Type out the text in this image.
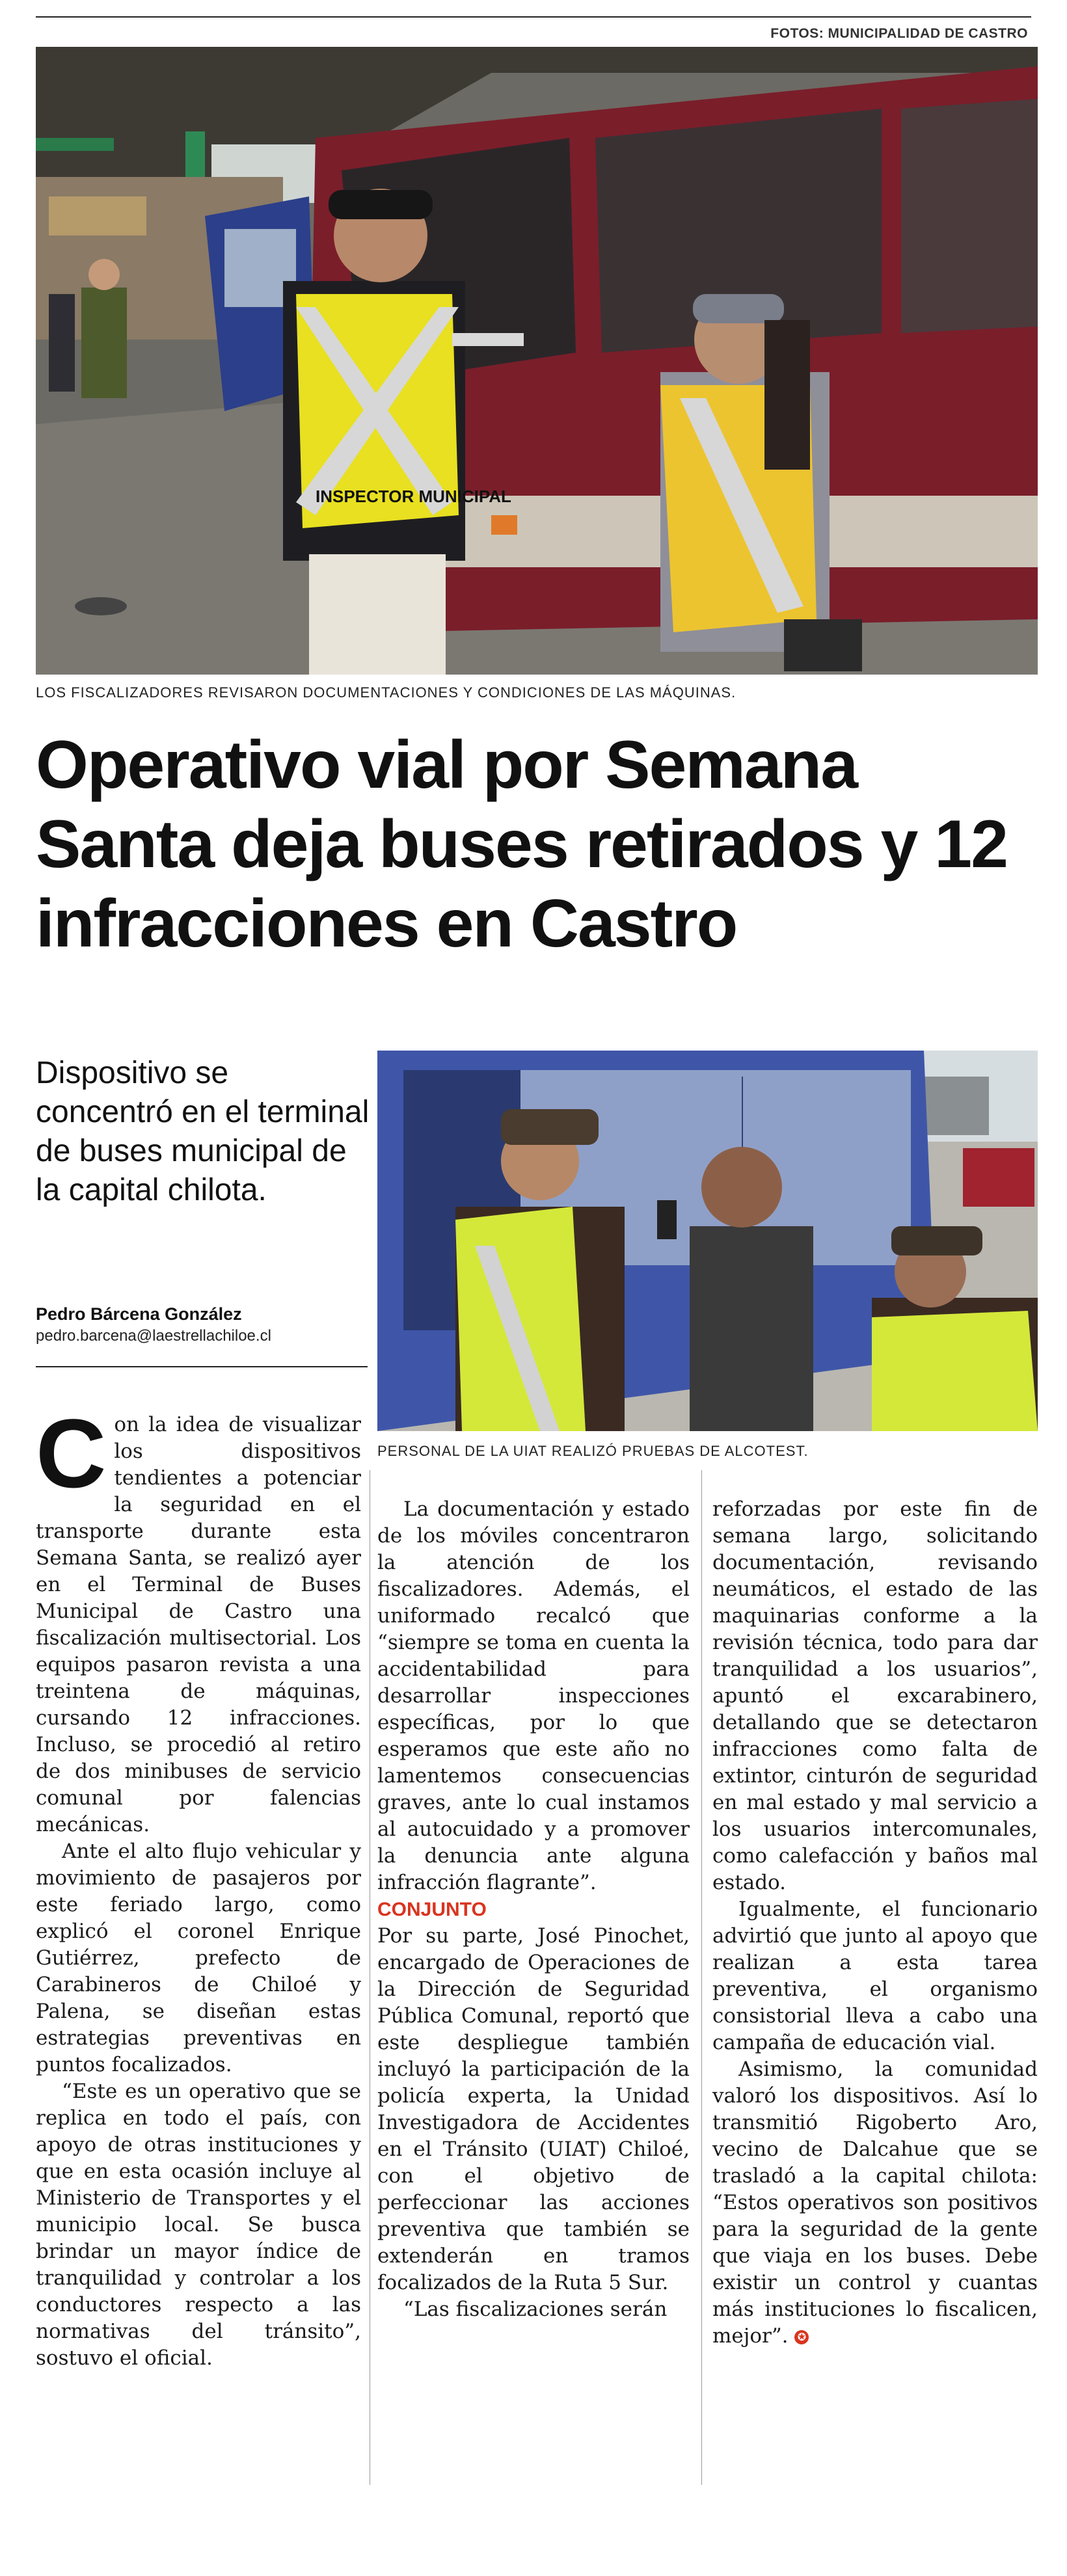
FOTOS: MUNICIPALIDAD DE CASTRO
INSPECTOR MUNICIPAL
LOS FISCALIZADORES REVISARON DOCUMENTACIONES Y CONDICIONES DE LAS MÁQUINAS.
Operativo vial por Semana Santa deja buses retirados y 12 infracciones en Castro
Dispositivo se concentró en el terminal de buses municipal de la capital chilota.
Pedro Bárcena González
pedro.barcena@laestrellachiloe.cl
PERSONAL DE LA UIAT REALIZÓ PRUEBAS DE ALCOTEST.

Con la idea de visualizar los dispositivos tendientes a potenciar la seguridad en el transporte durante esta Semana Santa, se realizó ayer en el Terminal de Buses Municipal de Castro una fiscalización multisectorial. Los equipos pasaron revista a una treintena de máquinas, cursando 12 infracciones. Incluso, se procedió al retiro de dos minibuses de servicio comunal por falencias mecánicas.

Ante el alto flujo vehicular y movimiento de pasajeros por este feriado largo, como explicó el coronel Enrique Gutiérrez, prefecto de Carabineros de Chiloé y Palena, se diseñan estas estrategias preventivas en puntos focalizados.

“Este es un operativo que se replica en todo el país, con apoyo de otras instituciones y que en esta ocasión incluye al Ministerio de Transportes y el municipio local. Se busca brindar un mayor índice de tranquilidad y controlar a los conductores respecto a las normativas del tránsito”, sostuvo el oficial.

La documentación y estado de los móviles concentraron la atención de los fiscalizadores. Además, el uniformado recalcó que “siempre se toma en cuenta la accidentabilidad para desarrollar inspecciones específicas, por lo que esperamos que este año no lamentemos consecuencias graves, ante lo cual instamos al autocuidado y a promover la denuncia ante alguna infracción flagrante”.

CONJUNTO

Por su parte, José Pinochet, encargado de Operaciones de la Dirección de Seguridad Pública Comunal, reportó que este despliegue también incluyó la participación de la policía experta, la Unidad Investigadora de Accidentes en el Tránsito (UIAT) Chiloé, con el objetivo de perfeccionar las acciones preventiva que también se extenderán en tramos focalizados de la Ruta 5 Sur.

“Las fiscalizaciones serán

reforzadas por este fin de semana largo, solicitando documentación, revisando neumáticos, el estado de las maquinarias conforme a la revisión técnica, todo para dar tranquilidad a los usuarios”, apuntó el excarabinero, detallando que se detectaron infracciones como falta de extintor, cinturón de seguridad en mal estado y mal servicio a los usuarios intercomunales, como calefacción y baños mal estado.

Igualmente, el funcionario advirtió que junto al apoyo que realizan a esta tarea preventiva, el organismo consistorial lleva a cabo una campaña de educación vial.

Asimismo, la comunidad valoró los dispositivos. Así lo transmitió Rigoberto Aro, vecino de Dalcahue que se trasladó a la capital chilota: “Estos operativos son positivos para la seguridad de la gente que viaja en los buses. Debe existir un control y cuantas más instituciones lo fiscalicen, mejor”. ✪
